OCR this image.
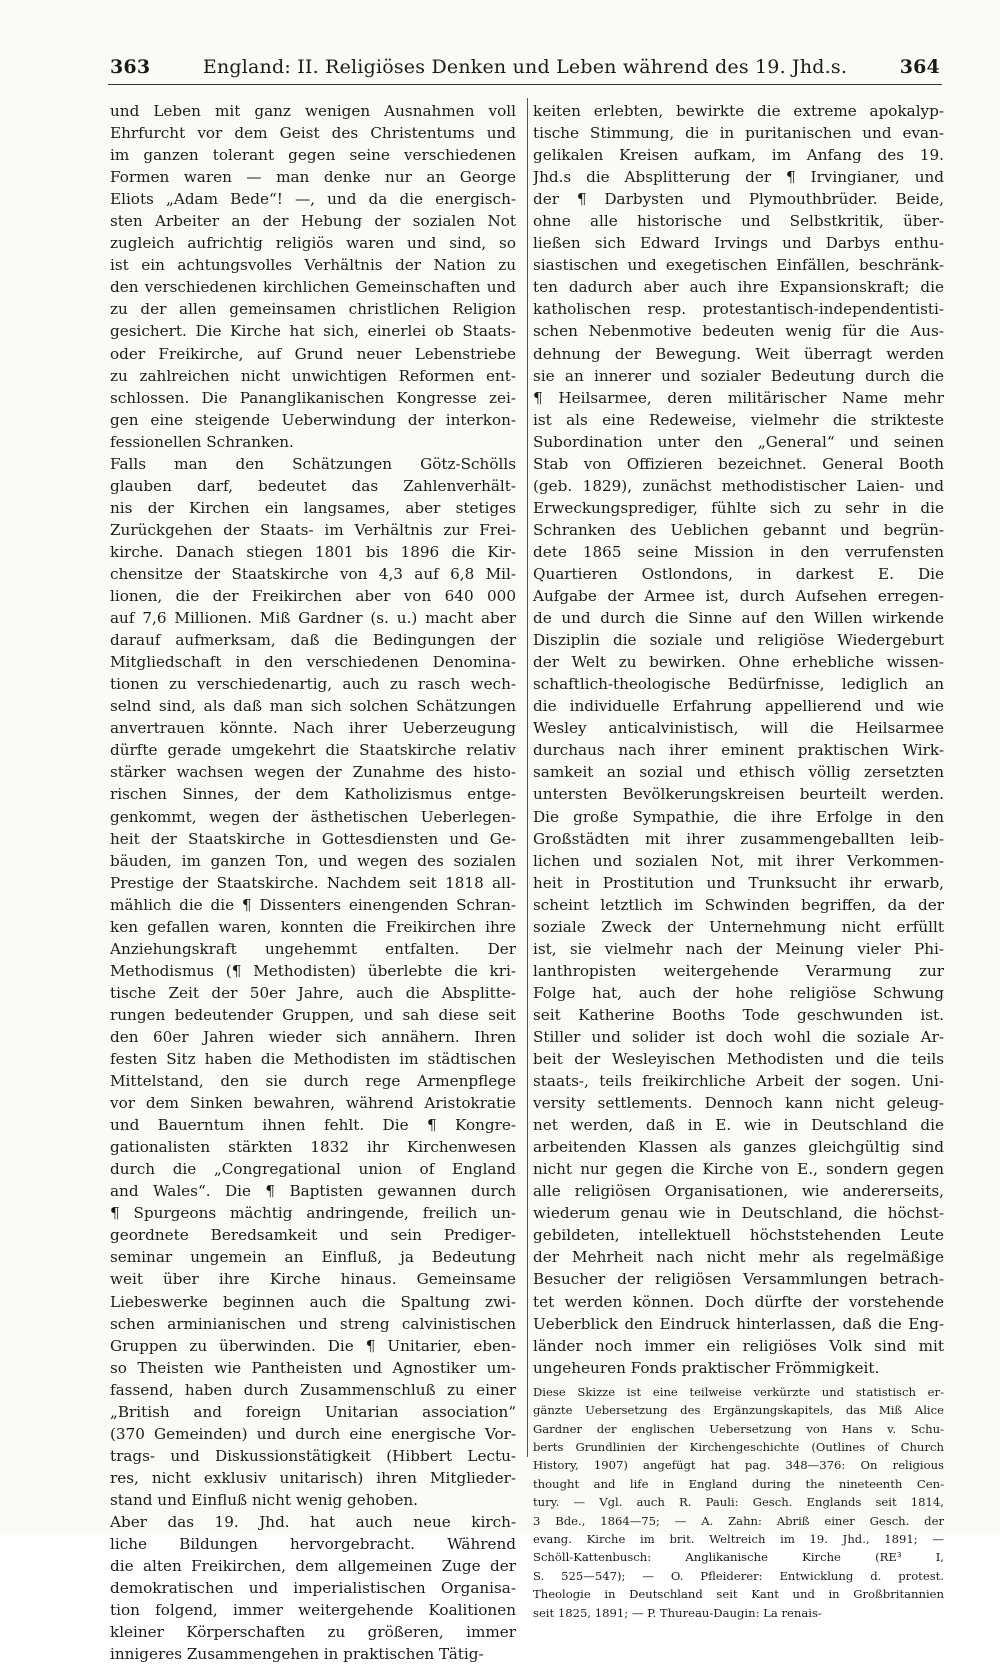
363	England: II. Religiöses Denken und Leben während des 19. Jhd.s.	364
und Leben mit ganz wenigen Ausnahmen voll
Ehrfurcht vor dem Geist des Christentums und
im ganzen tolerant gegen seine verschiedenen
Formen waren — man denke nur an George
Eliots „Adam Bede“! —, und da die energisch-
sten Arbeiter an der Hebung der sozialen Not
zugleich aufrichtig religiös waren und sind, so
ist ein achtungsvolles Verhältnis der Nation zu
den verschiedenen kirchlichen Gemeinschaften und
zu der allen gemeinsamen christlichen Religion
gesichert. Die Kirche hat sich, einerlei ob Staats-
oder Freikirche, auf Grund neuer Lebenstriebe
zu zahlreichen nicht unwichtigen Reformen ent-
schlossen. Die Pananglikanischen Kongresse zei-
gen eine steigende Ueberwindung der interkon-
fessionellen Schranken.
Falls man den Schätzungen Götz-Schölls
glauben darf, bedeutet das Zahlenverhält-
nis der Kirchen ein langsames, aber stetiges
Zurückgehen der Staats- im Verhältnis zur Frei-
kirche. Danach stiegen 1801 bis 1896 die Kir-
chensitze der Staatskirche von 4,3 auf 6,8 Mil-
lionen, die der Freikirchen aber von 640 000
auf 7,6 Millionen. Miß Gardner (s. u.) macht aber
darauf aufmerksam, daß die Bedingungen der
Mitgliedschaft in den verschiedenen Denomina-
tionen zu verschiedenartig, auch zu rasch wech-
selnd sind, als daß man sich solchen Schätzungen
anvertrauen könnte. Nach ihrer Ueberzeugung
dürfte gerade umgekehrt die Staatskirche relativ
stärker wachsen wegen der Zunahme des histo-
rischen Sinnes, der dem Katholizismus entge-
genkommt, wegen der ästhetischen Ueberlegen-
heit der Staatskirche in Gottesdiensten und Ge-
bäuden, im ganzen Ton, und wegen des sozialen
Prestige der Staatskirche. Nachdem seit 1818 all-
mählich die die ¶ Dissenters einengenden Schran-
ken gefallen waren, konnten die Freikirchen ihre
Anziehungskraft ungehemmt entfalten. Der
Methodismus (¶ Methodisten) überlebte die kri-
tische Zeit der 50er Jahre, auch die Absplitte-
rungen bedeutender Gruppen, und sah diese seit
den 60er Jahren wieder sich annähern. Ihren
festen Sitz haben die Methodisten im städtischen
Mittelstand, den sie durch rege Armenpflege
vor dem Sinken bewahren, während Aristokratie
und Bauerntum ihnen fehlt. Die ¶ Kongre-
gationalisten stärkten 1832 ihr Kirchenwesen
durch die „Congregational union of England
and Wales“. Die ¶ Baptisten gewannen durch
¶ Spurgeons mächtig andringende, freilich un-
geordnete Beredsamkeit und sein Prediger-
seminar ungemein an Einfluß, ja Bedeutung
weit über ihre Kirche hinaus. Gemeinsame
Liebeswerke beginnen auch die Spaltung zwi-
schen arminianischen und streng calvinistischen
Gruppen zu überwinden. Die ¶ Unitarier, eben-
so Theisten wie Pantheisten und Agnostiker um-
fassend, haben durch Zusammenschluß zu einer
„British and foreign Unitarian association“
(370 Gemeinden) und durch eine energische Vor-
trags- und Diskussionstätigkeit (Hibbert Lectu-
res, nicht exklusiv unitarisch) ihren Mitglieder-
stand und Einfluß nicht wenig gehoben.
Aber das 19. Jhd. hat auch neue kirch-
liche Bildungen hervorgebracht. Während
die alten Freikirchen, dem allgemeinen Zuge der
demokratischen und imperialistischen Organisa-
tion folgend, immer weitergehende Koalitionen
kleiner Körperschaften zu größeren, immer
innigeres Zusammengehen in praktischen Tätig-
keiten erlebten, bewirkte die extreme apokalyp-
tische Stimmung, die in puritanischen und evan-
gelikalen Kreisen aufkam, im Anfang des 19.
Jhd.s die Absplitterung der ¶ Irvingianer, und
der ¶ Darbysten und Plymouthbrüder. Beide,
ohne alle historische und Selbstkritik, über-
ließen sich Edward Irvings und Darbys enthu-
siastischen und exegetischen Einfällen, beschränk-
ten dadurch aber auch ihre Expansionskraft; die
katholischen resp. protestantisch-independentisti-
schen Nebenmotive bedeuten wenig für die Aus-
dehnung der Bewegung. Weit überragt werden
sie an innerer und sozialer Bedeutung durch die
¶ Heilsarmee, deren militärischer Name mehr
ist als eine Redeweise, vielmehr die strikteste
Subordination unter den „General“ und seinen
Stab von Offizieren bezeichnet. General Booth
(geb. 1829), zunächst methodistischer Laien- und
Erweckungsprediger, fühlte sich zu sehr in die
Schranken des Ueblichen gebannt und begrün-
dete 1865 seine Mission in den verrufensten
Quartieren Ostlondons, in darkest E. Die
Aufgabe der Armee ist, durch Aufsehen erregen-
de und durch die Sinne auf den Willen wirkende
Disziplin die soziale und religiöse Wiedergeburt
der Welt zu bewirken. Ohne erhebliche wissen-
schaftlich-theologische Bedürfnisse, lediglich an
die individuelle Erfahrung appellierend und wie
Wesley anticalvinistisch, will die Heilsarmee
durchaus nach ihrer eminent praktischen Wirk-
samkeit an sozial und ethisch völlig zersetzten
untersten Bevölkerungskreisen beurteilt werden.
Die große Sympathie, die ihre Erfolge in den
Großstädten mit ihrer zusammengeballten leib-
lichen und sozialen Not, mit ihrer Verkommen-
heit in Prostitution und Trunksucht ihr erwarb,
scheint letztlich im Schwinden begriffen, da der
soziale Zweck der Unternehmung nicht erfüllt
ist, sie vielmehr nach der Meinung vieler Phi-
lanthropisten weitergehende Verarmung zur
Folge hat, auch der hohe religiöse Schwung
seit Katherine Booths Tode geschwunden ist.
Stiller und solider ist doch wohl die soziale Ar-
beit der Wesleyischen Methodisten und die teils
staats-, teils freikirchliche Arbeit der sogen. Uni-
versity settlements. Dennoch kann nicht geleug-
net werden, daß in E. wie in Deutschland die
arbeitenden Klassen als ganzes gleichgültig sind
nicht nur gegen die Kirche von E., sondern gegen
alle religiösen Organisationen, wie andererseits,
wiederum genau wie in Deutschland, die höchst-
gebildeten, intellektuell höchststehenden Leute
der Mehrheit nach nicht mehr als regelmäßige
Besucher der religiösen Versammlungen betrach-
tet werden können. Doch dürfte der vorstehende
Ueberblick den Eindruck hinterlassen, daß die Eng-
länder noch immer ein religiöses Volk sind mit
ungeheuren Fonds praktischer Frömmigkeit.
Diese Skizze ist eine teilweise verkürzte und statistisch er-
gänzte Uebersetzung des Ergänzungskapitels, das Miß Alice
Gardner der englischen Uebersetzung von Hans v. Schu-
berts Grundlinien der Kirchengeschichte (Outlines of Church
History, 1907) angefügt hat pag. 348—376: On religious
thought and life in England during the nineteenth Cen-
tury. — Vgl. auch R. Pauli: Gesch. Englands seit 1814,
3 Bde., 1864—75; — A. Zahn: Abriß einer Gesch. der
evang. Kirche im brit. Weltreich im 19. Jhd., 1891; —
Schöll-Kattenbusch: Anglikanische Kirche (RE³ I,
S. 525—547); — O. Pfleiderer: Entwicklung d. protest.
Theologie in Deutschland seit Kant und in Großbritannien
seit 1825, 1891; — P. Thureau-Daugin: La renais-
